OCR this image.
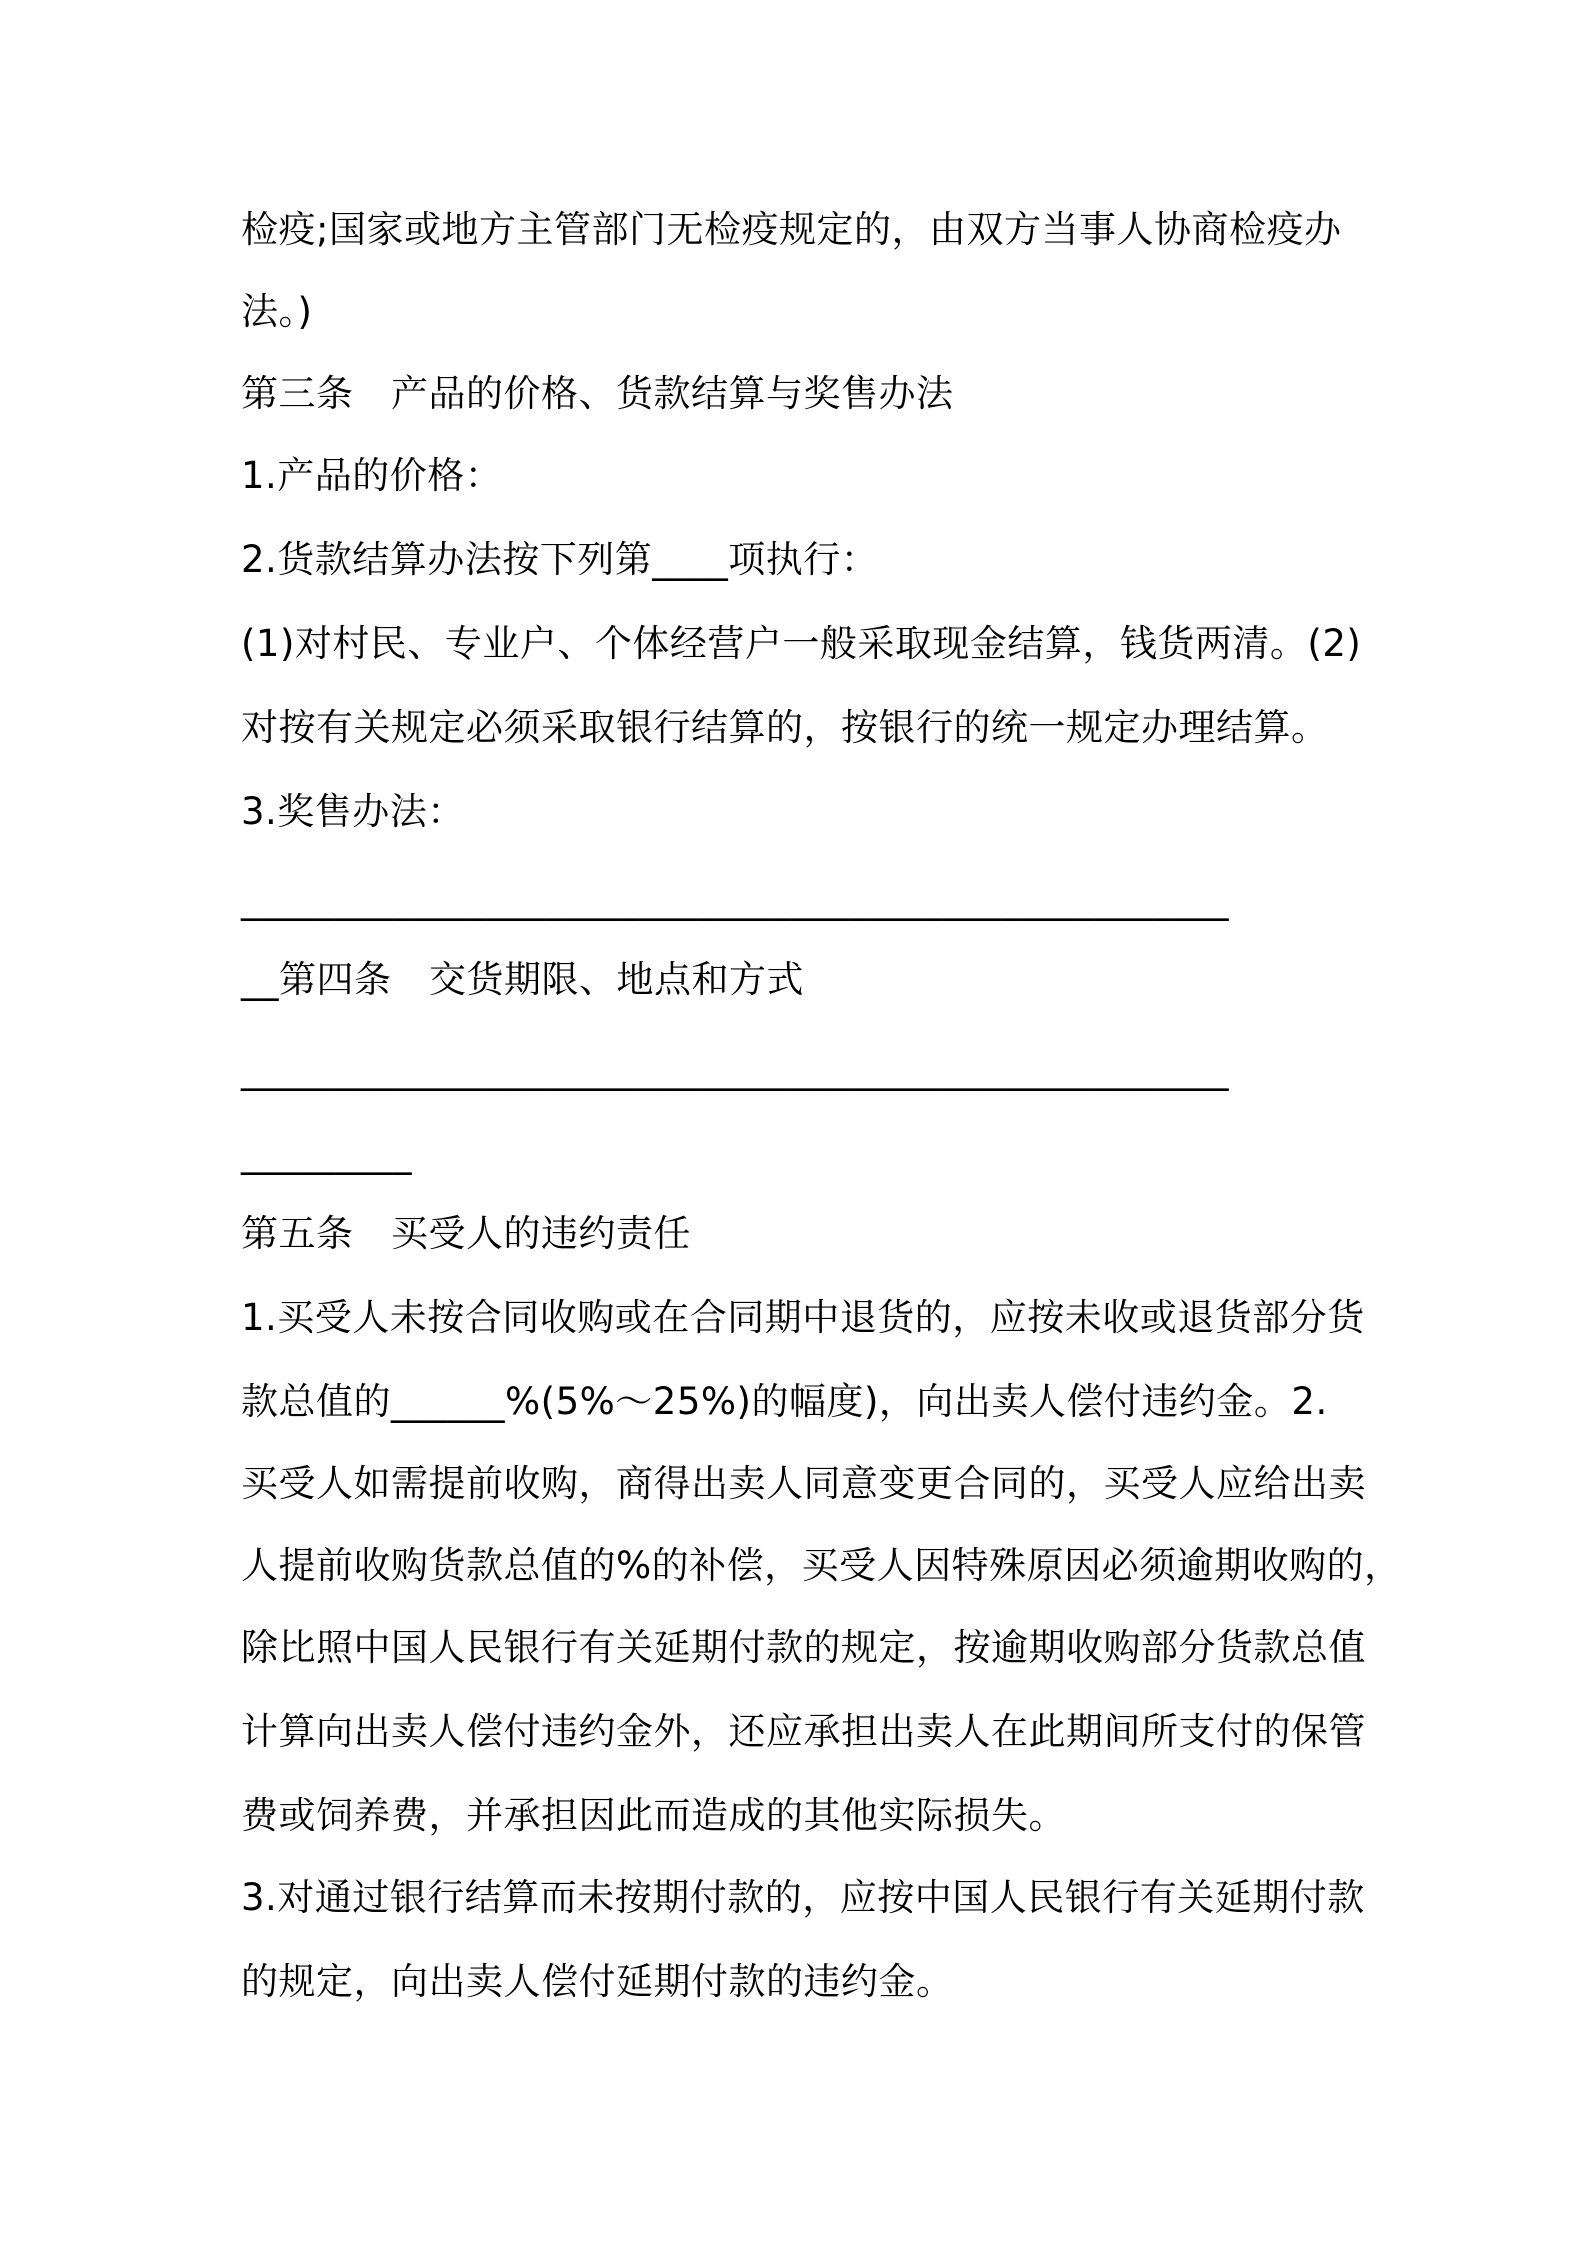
检疫;国家或地方主管部门无检疫规定的，由双方当事人协商检疫办

法。)

第三条　产品的价格、货款结算与奖售办法

1.产品的价格：

2.货款结算办法按下列第____项执行：

(1)对村民、专业户、个体经营户一般采取现金结算，钱货两清。(2)

对按有关规定必须采取银行结算的，按银行的统一规定办理结算。

3.奖售办法：

____________________________________________________

__第四条　交货期限、地点和方式

____________________________________________________

_________

第五条　买受人的违约责任

1.买受人未按合同收购或在合同期中退货的，应按未收或退货部分货

款总值的______%(5%～25%)的幅度)，向出卖人偿付违约金。2.

买受人如需提前收购，商得出卖人同意变更合同的，买受人应给出卖

人提前收购货款总值的%的补偿，买受人因特殊原因必须逾期收购的，

除比照中国人民银行有关延期付款的规定，按逾期收购部分货款总值

计算向出卖人偿付违约金外，还应承担出卖人在此期间所支付的保管

费或饲养费，并承担因此而造成的其他实际损失。

3.对通过银行结算而未按期付款的，应按中国人民银行有关延期付款

的规定，向出卖人偿付延期付款的违约金。
